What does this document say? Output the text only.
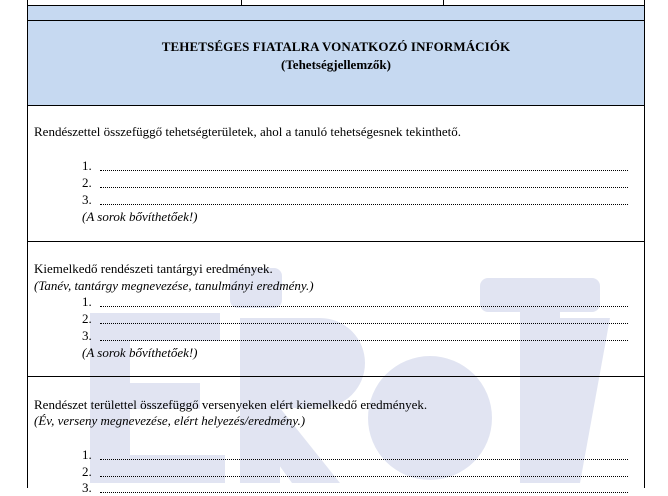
TEHETSÉGES FIATALRA VONATKOZÓ INFORMÁCIÓK
(Tehetségjellemzők)
Rendészettel összefüggő tehetségterületek, ahol a tanuló tehetségesnek tekinthető.
1.
2.
3.
(A sorok bővíthetőek!)
Kiemelkedő rendészeti tantárgyi eredmények.
(Tanév, tantárgy megnevezése, tanulmányi eredmény.)
1.
2.
3.
(A sorok bővíthetőek!)
Rendészet területtel összefüggő versenyeken elért kiemelkedő eredmények.
(Év, verseny megnevezése, elért helyezés/eredmény.)
1.
2.
3.
